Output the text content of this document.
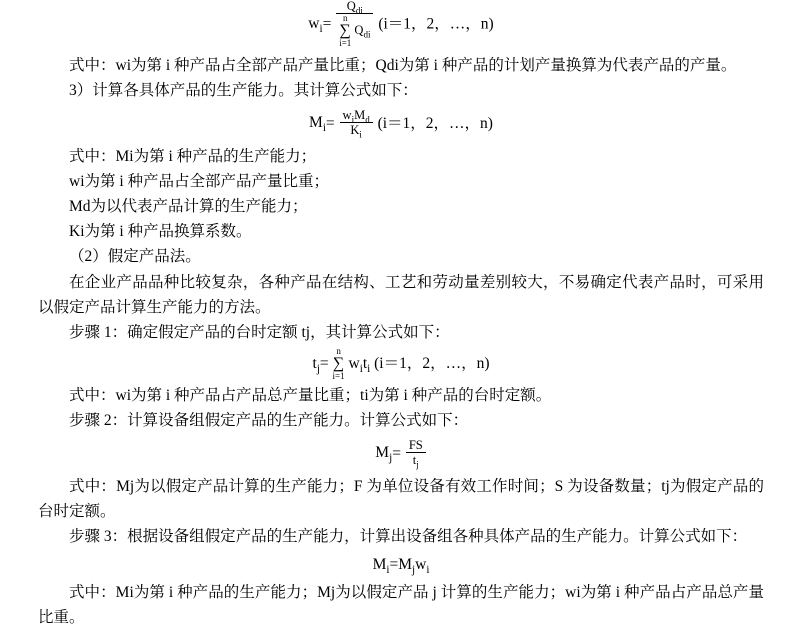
$w_i= Q_{di}$
n
∑
i=1
$Q_{di}$ (i＝1，2，…，n)

式中：wi为第 i 种产品占全部产品产量比重；Qdi为第 i 种产品的计划产量换算为代表产品的产量。

3）计算各具体产品的生产能力。其计算公式如下：

$M_i= \frac{w_iM_d}{K_i} (i=1$，2，…，n)

式中：Mi为第 i 种产品的生产能力；

wi为第 i 种产品占全部产品产量比重；

Md为以代表产品计算的生产能力；

Ki为第 i 种产品换算系数。

（2）假定产品法。

在企业产品品种比较复杂，各种产品在结构、工艺和劳动量差别较大，不易确定代表产品时，可采用以假定产品计算生产能力的方法。

步骤 1：确定假定产品的台时定额 tj，其计算公式如下：

$t_j=$
n
∑
i=1
$w_it_i$ (i＝1，2，…，n)

式中：wi为第 i 种产品占产品总产量比重；ti为第 i 种产品的台时定额。

步骤 2：计算设备组假定产品的生产能力。计算公式如下：

$M_j= \frac{FS}{t_j}$

式中：Mj为以假定产品计算的生产能力；F 为单位设备有效工作时间；S 为设备数量；tj为假定产品的台时定额。

步骤 3：根据设备组假定产品的生产能力，计算出设备组各种具体产品的生产能力。计算公式如下：

$M_i=M_jw_i$

式中：Mi为第 i 种产品的生产能力；Mj为以假定产品 j 计算的生产能力；wi为第 i 种产品占产品总产量比重。
